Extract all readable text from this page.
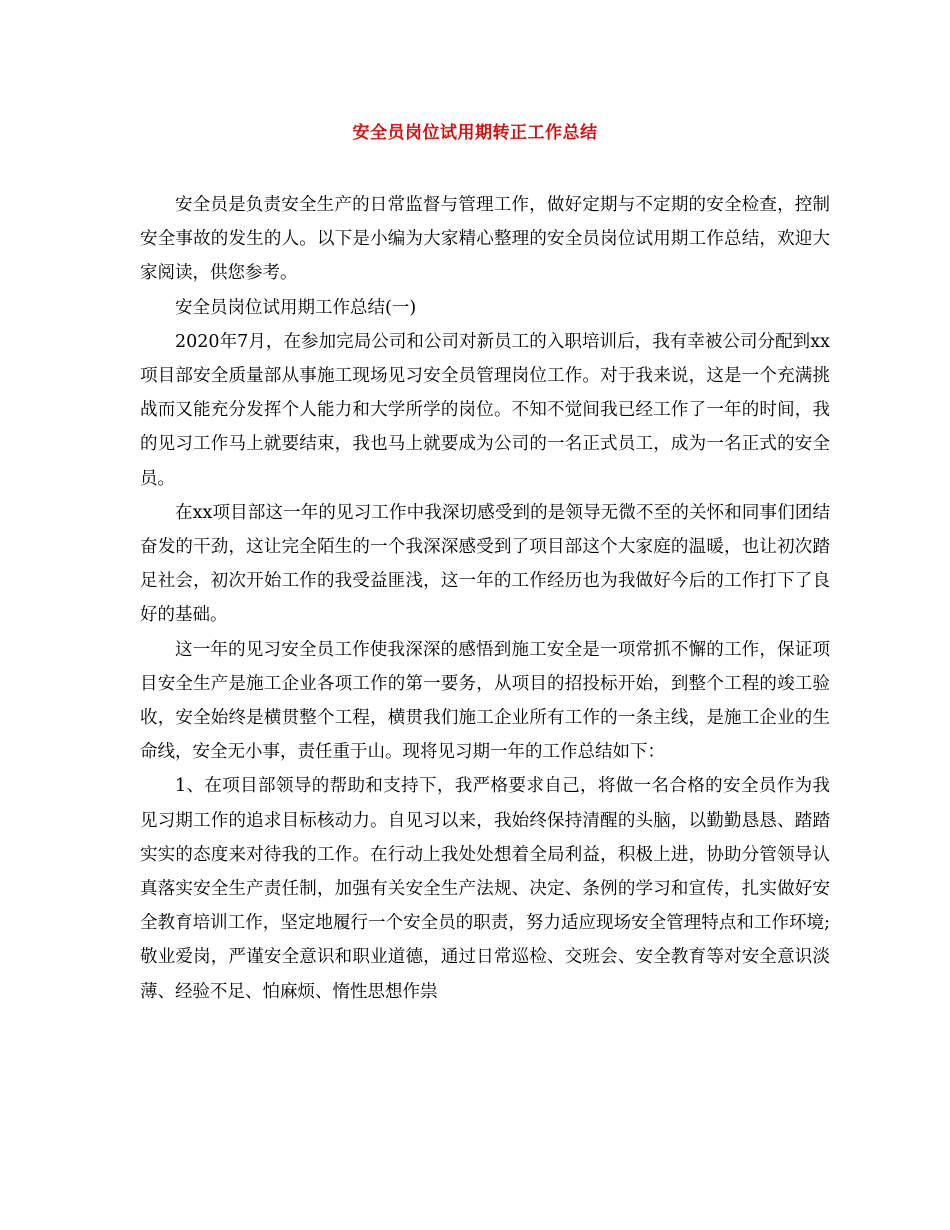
安全员岗位试用期转正工作总结

安全员是负责安全生产的日常监督与管理工作，做好定期与不定期的安全检查，控制安全事故的发生的人。以下是小编为大家精心整理的安全员岗位试用期工作总结，欢迎大家阅读，供您参考。

安全员岗位试用期工作总结(一)

2020年7月，在参加完局公司和公司对新员工的入职培训后，我有幸被公司分配到xx项目部安全质量部从事施工现场见习安全员管理岗位工作。对于我来说，这是一个充满挑战而又能充分发挥个人能力和大学所学的岗位。不知不觉间我已经工作了一年的时间，我的见习工作马上就要结束，我也马上就要成为公司的一名正式员工，成为一名正式的安全员。

在xx项目部这一年的见习工作中我深切感受到的是领导无微不至的关怀和同事们团结奋发的干劲，这让完全陌生的一个我深深感受到了项目部这个大家庭的温暖，也让初次踏足社会，初次开始工作的我受益匪浅，这一年的工作经历也为我做好今后的工作打下了良好的基础。

这一年的见习安全员工作使我深深的感悟到施工安全是一项常抓不懈的工作，保证项目安全生产是施工企业各项工作的第一要务，从项目的招投标开始，到整个工程的竣工验收，安全始终是横贯整个工程，横贯我们施工企业所有工作的一条主线，是施工企业的生命线，安全无小事，责任重于山。现将见习期一年的工作总结如下：

1、在项目部领导的帮助和支持下，我严格要求自己，将做一名合格的安全员作为我见习期工作的追求目标核动力。自见习以来，我始终保持清醒的头脑，以勤勤恳恳、踏踏实实的态度来对待我的工作。在行动上我处处想着全局利益，积极上进，协助分管领导认真落实安全生产责任制，加强有关安全生产法规、决定、条例的学习和宣传，扎实做好安全教育培训工作，坚定地履行一个安全员的职责，努力适应现场安全管理特点和工作环境;敬业爱岗，严谨安全意识和职业道德，通过日常巡检、交班会、安全教育等对安全意识淡薄、经验不足、怕麻烦、惰性思想作祟
